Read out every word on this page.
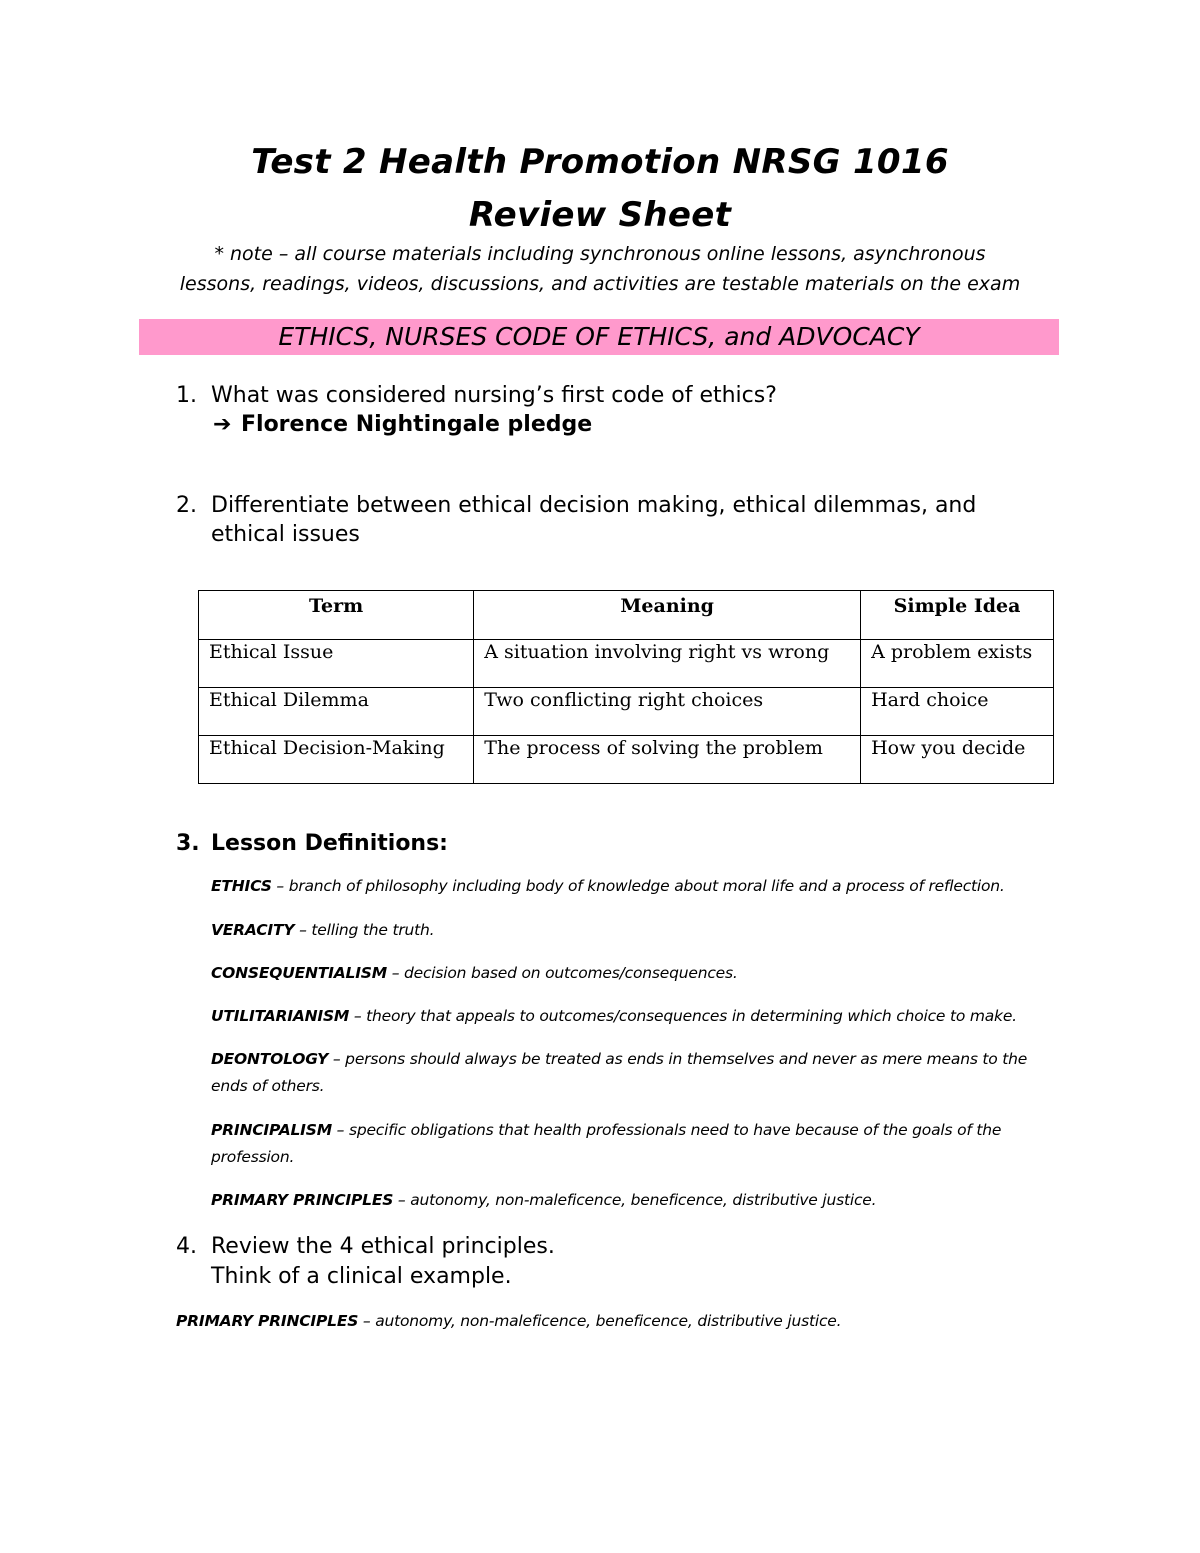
Test 2 Health Promotion NRSG 1016
Review Sheet
* note – all course materials including synchronous online lessons, asynchronous
lessons, readings, videos, discussions, and activities are testable materials on the exam
ETHICS, NURSES CODE OF ETHICS, and ADVOCACY
1. What was considered nursing’s first code of ethics?
➔ Florence Nightingale pledge
2. Differentiate between ethical decision making, ethical dilemmas, and
ethical issues
Term	Meaning	Simple Idea
Ethical Issue	A situation involving right vs wrong	A problem exists
Ethical Dilemma	Two conflicting right choices	Hard choice
Ethical Decision-Making	The process of solving the problem	How you decide
3. Lesson Definitions:
ETHICS – branch of philosophy including body of knowledge about moral life and a process of reflection.
VERACITY – telling the truth.
CONSEQUENTIALISM – decision based on outcomes/consequences.
UTILITARIANISM – theory that appeals to outcomes/consequences in determining which choice to make.
DEONTOLOGY – persons should always be treated as ends in themselves and never as mere means to the
ends of others.
PRINCIPALISM – specific obligations that health professionals need to have because of the goals of the
profession.
PRIMARY PRINCIPLES – autonomy, non-maleficence, beneficence, distributive justice.
4. Review the 4 ethical principles.
Think of a clinical example.
PRIMARY PRINCIPLES – autonomy, non-maleficence, beneficence, distributive justice.
